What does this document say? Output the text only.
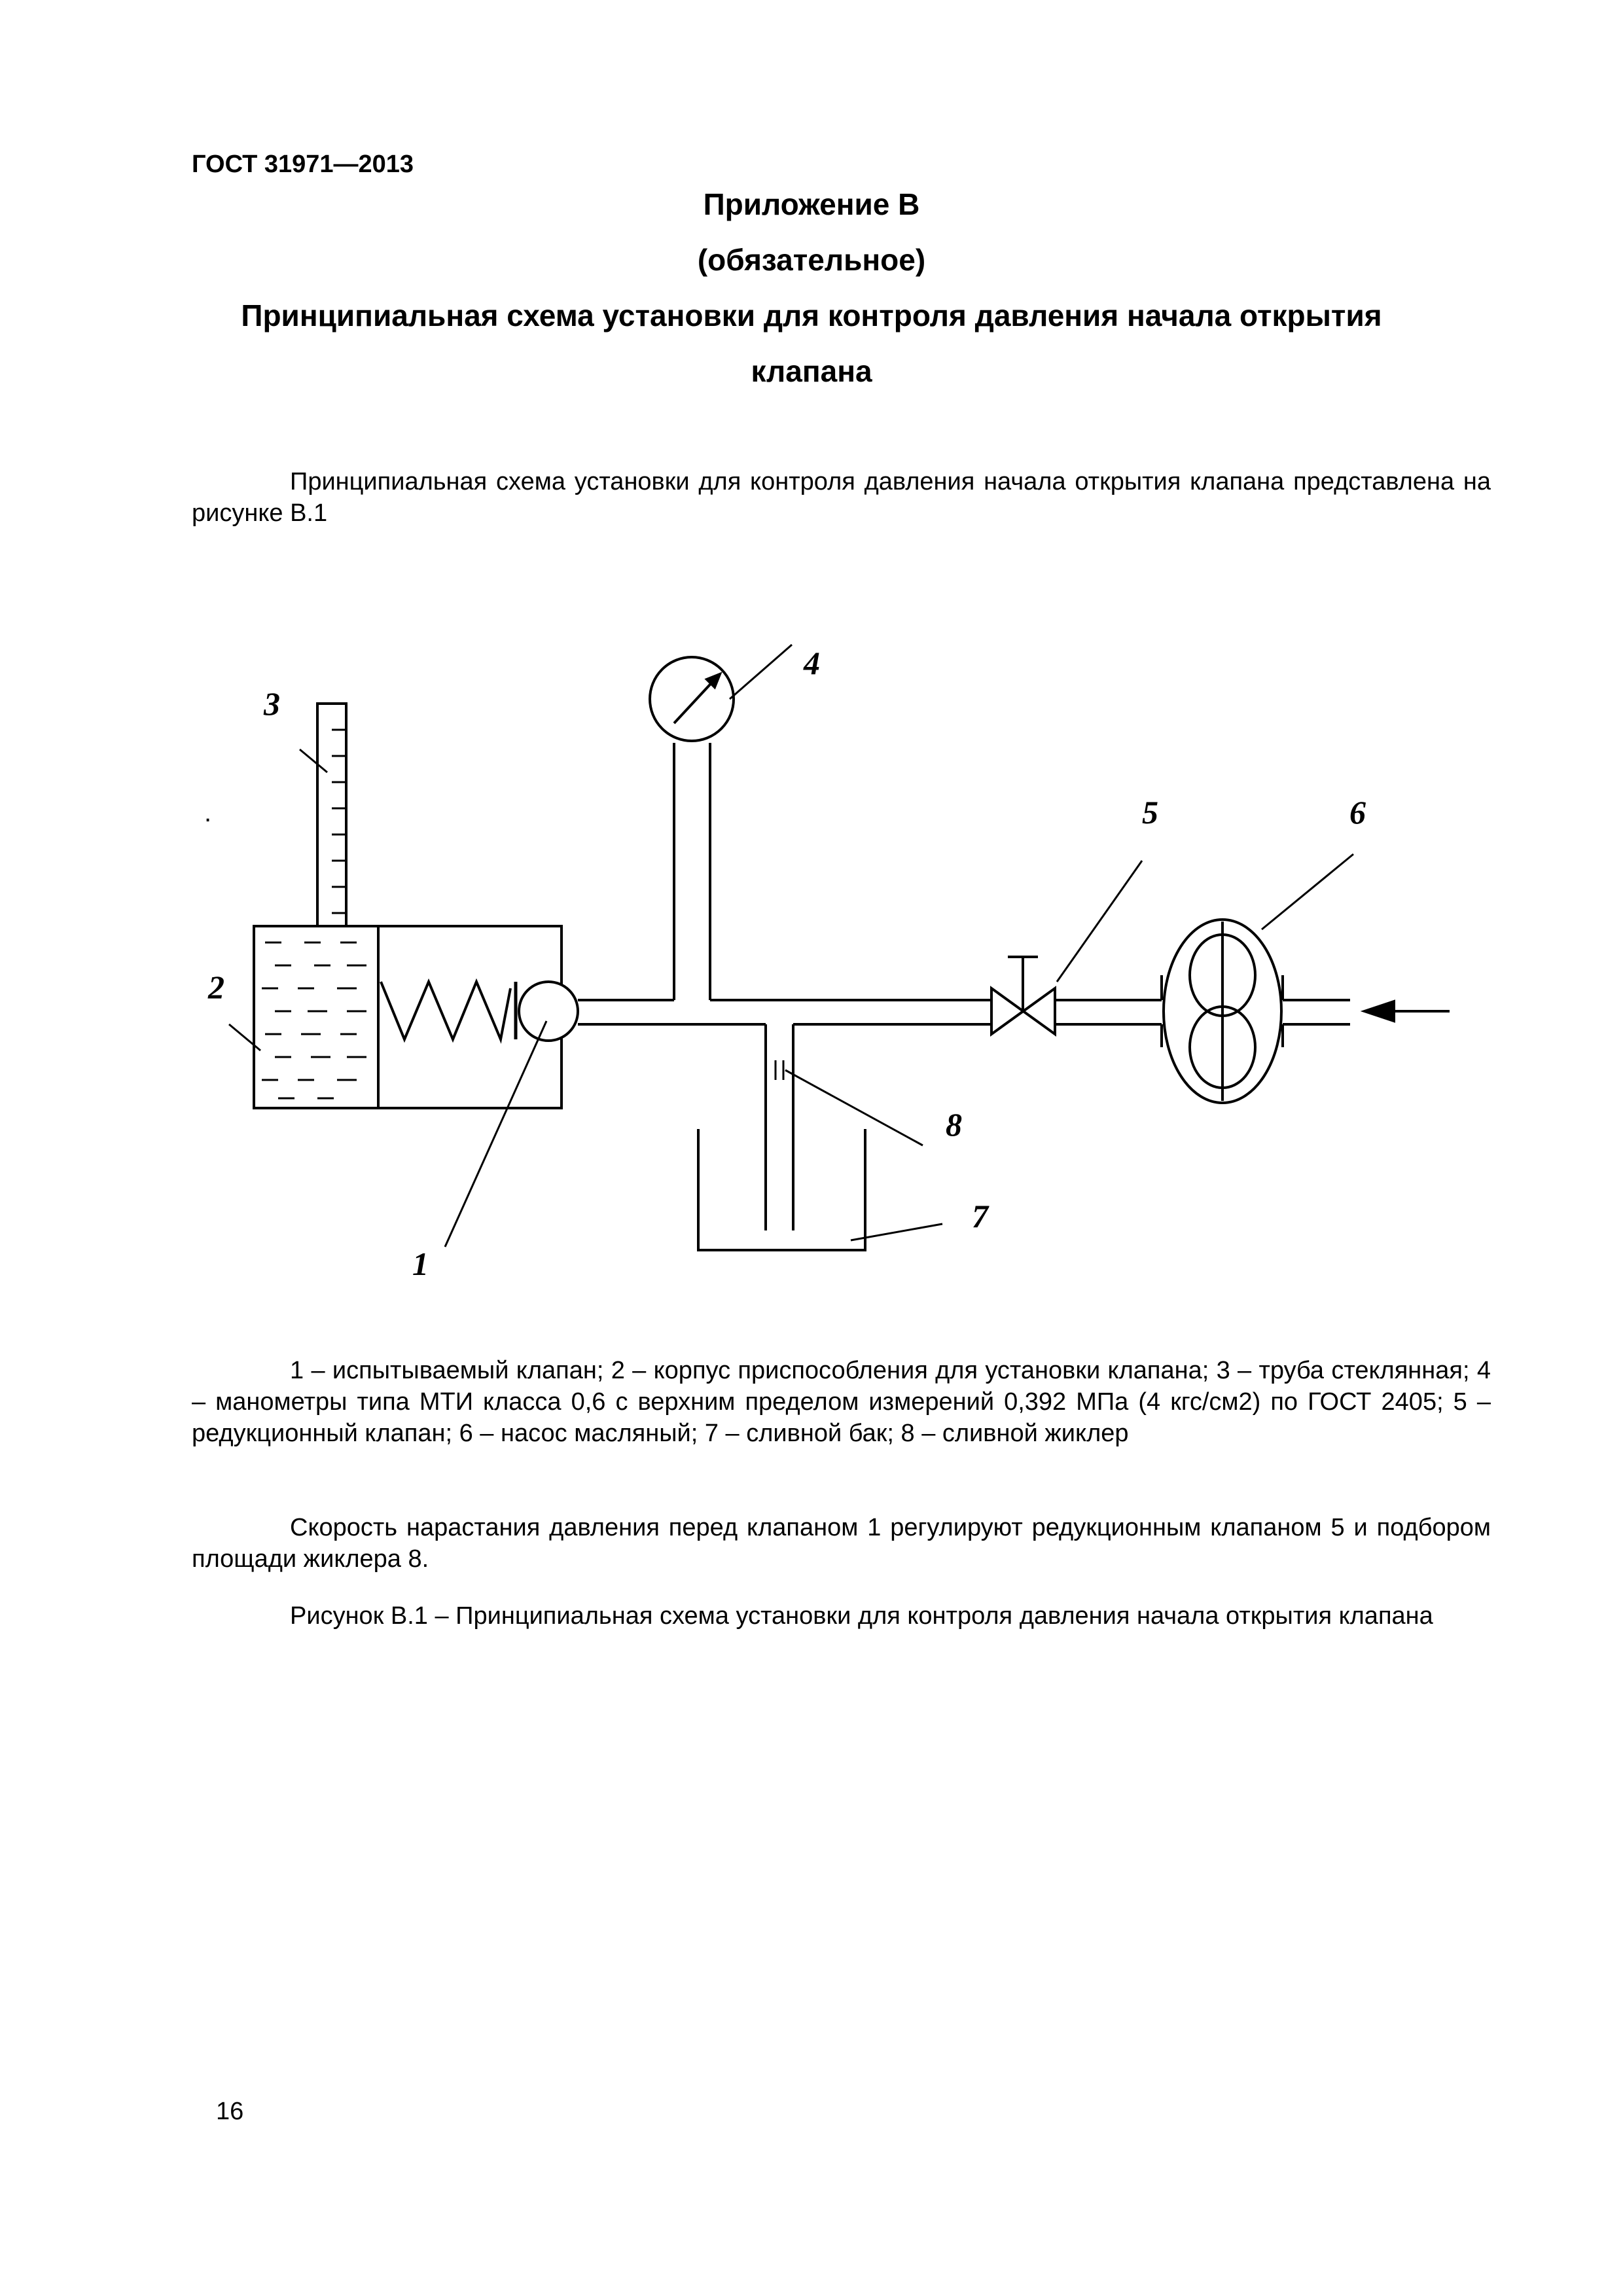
ГОСТ 31971—2013
Приложение В
(обязательное)
Принципиальная схема установки для контроля давления начала открытия
клапана
Принципиальная схема установки для контроля давления начала открытия клапана представлена на рисунке В.1
.
3
2
1
4
5	6
8
7
1 – испытываемый клапан; 2 – корпус приспособления для установки клапана; 3 – труба стеклянная; 4 – манометры типа МТИ класса 0,6 с верхним пределом измерений 0,392 МПа (4 кгс/см2) по ГОСТ 2405; 5 – редукционный клапан; 6 – насос масляный; 7 – сливной бак; 8 – сливной жиклер
Скорость нарастания давления перед клапаном 1 регулируют редукционным клапаном 5 и подбором площади жиклера 8.
Рисунок В.1 – Принципиальная схема установки для контроля давления начала открытия клапана
16
